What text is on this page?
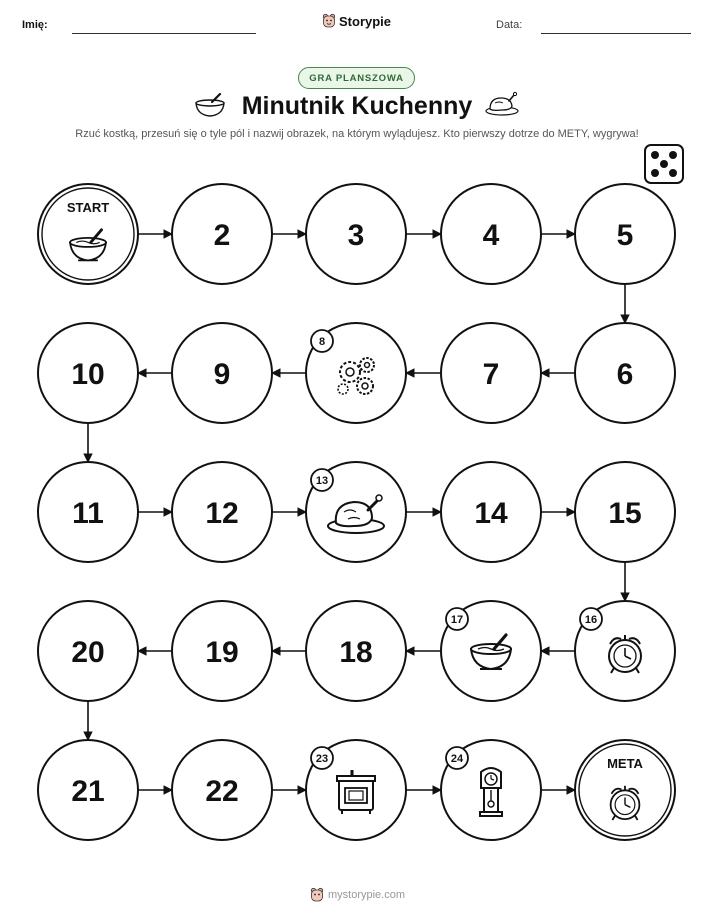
Imię:	Storypie	Data:
GRA PLANSZOWA
Minutnik Kuchenny
Rzuć kostką, przesuń się o tyle pól i nazwij obrazek, na którym wylądujesz. Kto pierwszy dotrze do METY, wygrywa!
START
2	3	4	5
6
7
8
9
10
11	12
13
14	15
16
17
18
19
20
21	22
23	24	META
mystorypie.com
